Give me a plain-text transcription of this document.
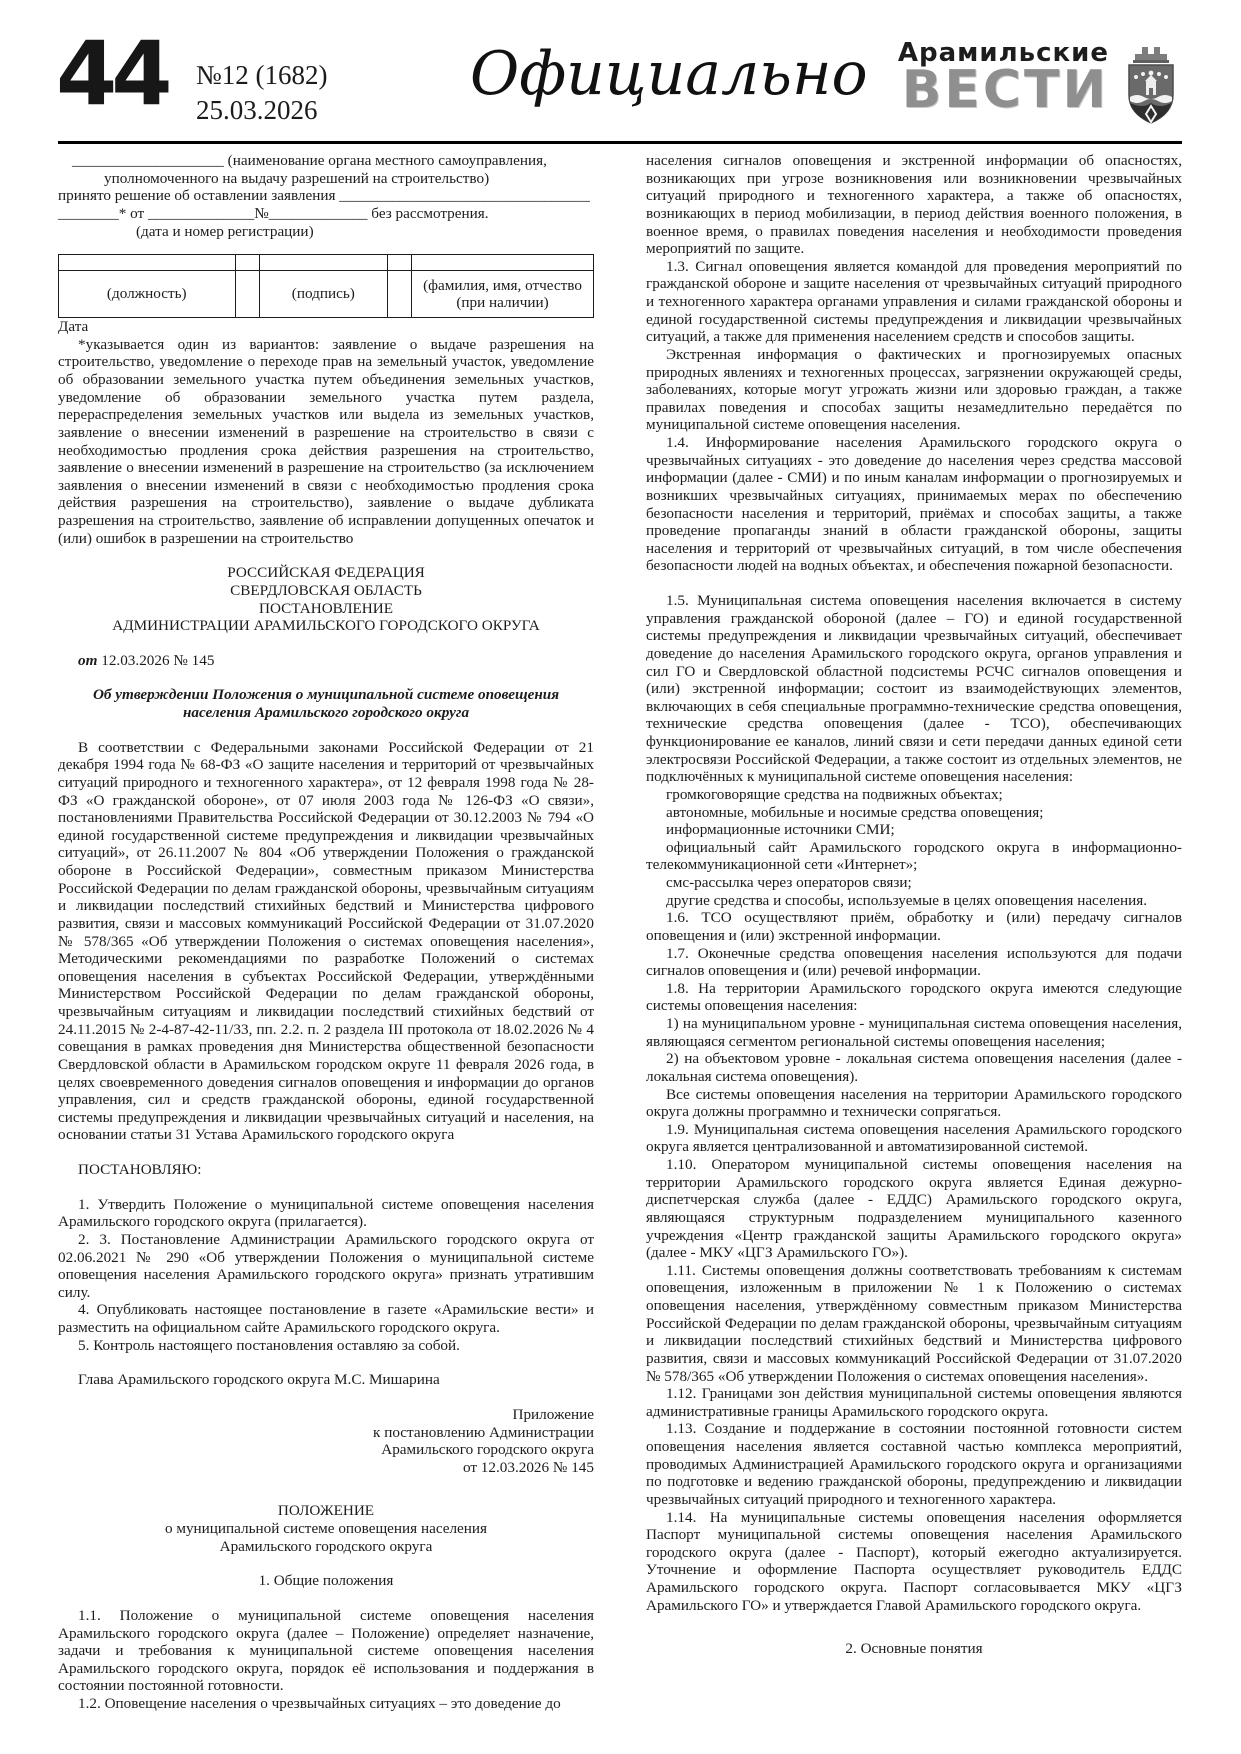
44 №12 (1682)
25.03.2026
Официально Арамильские
ВЕСТИ

____________________ (наименование органа местного самоуправления,

уполномоченного на выдачу разрешений на строительство)

принято решение об оставлении заявления _________________________________

________* от ______________№_____________ без рассмотрения.

(дата и номер регистрации)

(должность)		(подпись)		(фамилия, имя, отчество (при наличии)

Дата

*указывается один из вариантов: заявление о выдаче разрешения на строительство, уведомление о переходе прав на земельный участок, уведомление об образовании земельного участка путем объединения земельных участков, уведомление об образовании земельного участка путем раздела, перераспределения земельных участков или выдела из земельных участков, заявление о внесении изменений в разрешение на строительство в связи с необходимостью продления срока действия разрешения на строительство, заявление о внесении изменений в разрешение на строительство (за исключением заявления о внесении изменений в связи с необходимостью продления срока действия разрешения на строительство), заявление о выдаче дубликата разрешения на строительство, заявление об исправлении допущенных опечаток и (или) ошибок в разрешении на строительство

РОССИЙСКАЯ ФЕДЕРАЦИЯ

СВЕРДЛОВСКАЯ ОБЛАСТЬ

ПОСТАНОВЛЕНИЕ

АДМИНИСТРАЦИИ АРАМИЛЬСКОГО ГОРОДСКОГО ОКРУГА

от 12.03.2026 № 145

Об утверждении Положения о муниципальной системе оповещения

населения Арамильского городского округа

В соответствии с Федеральными законами Российской Федерации от 21 декабря 1994 года № 68-ФЗ «О защите населения и территорий от чрезвычайных ситуаций природного и техногенного характера», от 12 февраля 1998 года № 28-ФЗ «О гражданской обороне», от 07 июля 2003 года № 126-ФЗ «О связи», постановлениями Правительства Российской Федерации от 30.12.2003 № 794 «О единой государственной системе предупреждения и ликвидации чрезвычайных ситуаций», от 26.11.2007 № 804 «Об утверждении Положения о гражданской обороне в Российской Федерации», совместным приказом Министерства Российской Федерации по делам гражданской обороны, чрезвычайным ситуациям и ликвидации последствий стихийных бедствий и Министерства цифрового развития, связи и массовых коммуникаций Российской Федерации от 31.07.2020 № 578/365 «Об утверждении Положения о системах оповещения населения», Методическими рекомендациями по разработке Положений о системах оповещения населения в субъектах Российской Федерации, утверждёнными Министерством Российской Федерации по делам гражданской обороны, чрезвычайным ситуациям и ликвидации последствий стихийных бедствий от 24.11.2015 № 2-4-87-42-11/33, пп. 2.2. п. 2 раздела III протокола от 18.02.2026 № 4 совещания в рамках проведения дня Министерства общественной безопасности Свердловской области в Арамильском городском округе 11 февраля 2026 года, в целях своевременного доведения сигналов оповещения и информации до органов управления, сил и средств гражданской обороны, единой государственной системы предупреждения и ликвидации чрезвычайных ситуаций и населения, на основании статьи 31 Устава Арамильского городского округа

ПОСТАНОВЛЯЮ:

1. Утвердить Положение о муниципальной системе оповещения населения Арамильского городского округа (прилагается).

2. 3. Постановление Администрации Арамильского городского округа от 02.06.2021 № 290 «Об утверждении Положения о муниципальной системе оповещения населения Арамильского городского округа» признать утратившим силу.

4. Опубликовать настоящее постановление в газете «Арамильские вести» и разместить на официальном сайте Арамильского городского округа.

5. Контроль настоящего постановления оставляю за собой.

Глава Арамильского городского округа М.С. Мишарина

Приложение

к постановлению Администрации

Арамильского городского округа

от 12.03.2026 № 145

ПОЛОЖЕНИЕ

о муниципальной системе оповещения населения

Арамильского городского округа

1. Общие положения

1.1. Положение о муниципальной системе оповещения населения Арамильского городского округа (далее – Положение) определяет назначение, задачи и требования к муниципальной системе оповещения населения Арамильского городского округа, порядок её использования и поддержания в состоянии постоянной готовности.

1.2. Оповещение населения о чрезвычайных ситуациях – это доведение до

населения сигналов оповещения и экстренной информации об опасностях, возникающих при угрозе возникновения или возникновении чрезвычайных ситуаций природного и техногенного характера, а также об опасностях, возникающих в период мобилизации, в период действия военного положения, в военное время, о правилах поведения населения и необходимости проведения мероприятий по защите.

1.3. Сигнал оповещения является командой для проведения мероприятий по гражданской обороне и защите населения от чрезвычайных ситуаций природного и техногенного характера органами управления и силами гражданской обороны и единой государственной системы предупреждения и ликвидации чрезвычайных ситуаций, а также для применения населением средств и способов защиты.

Экстренная информация о фактических и прогнозируемых опасных природных явлениях и техногенных процессах, загрязнении окружающей среды, заболеваниях, которые могут угрожать жизни или здоровью граждан, а также правилах поведения и способах защиты незамедлительно передаётся по муниципальной системе оповещения населения.

1.4. Информирование населения Арамильского городского округа о чрезвычайных ситуациях - это доведение до населения через средства массовой информации (далее - СМИ) и по иным каналам информации о прогнозируемых и возникших чрезвычайных ситуациях, принимаемых мерах по обеспечению безопасности населения и территорий, приёмах и способах защиты, а также проведение пропаганды знаний в области гражданской обороны, защиты населения и территорий от чрезвычайных ситуаций, в том числе обеспечения безопасности людей на водных объектах, и обеспечения пожарной безопасности.

1.5. Муниципальная система оповещения населения включается в систему управления гражданской обороной (далее – ГО) и единой государственной системы предупреждения и ликвидации чрезвычайных ситуаций, обеспечивает доведение до населения Арамильского городского округа, органов управления и сил ГО и Свердловской областной подсистемы РСЧС сигналов оповещения и (или) экстренной информации; состоит из взаимодействующих элементов, включающих в себя специальные программно-технические средства оповещения, технические средства оповещения (далее - ТСО), обеспечивающих функционирование ее каналов, линий связи и сети передачи данных единой сети электросвязи Российской Федерации, а также состоит из отдельных элементов, не подключённых к муниципальной системе оповещения населения:

громкоговорящие средства на подвижных объектах;

автономные, мобильные и носимые средства оповещения;

информационные источники СМИ;

официальный сайт Арамильского городского округа в информационно-телекоммуникационной сети «Интернет»;

смс-рассылка через операторов связи;

другие средства и способы, используемые в целях оповещения населения.

1.6. ТСО осуществляют приём, обработку и (или) передачу сигналов оповещения и (или) экстренной информации.

1.7. Оконечные средства оповещения населения используются для подачи сигналов оповещения и (или) речевой информации.

1.8. На территории Арамильского городского округа имеются следующие системы оповещения населения:

1) на муниципальном уровне - муниципальная система оповещения населения, являющаяся сегментом региональной системы оповещения населения;

2) на объектовом уровне - локальная система оповещения населения (далее - локальная система оповещения).

Все системы оповещения населения на территории Арамильского городского округа должны программно и технически сопрягаться.

1.9. Муниципальная система оповещения населения Арамильского городского округа является централизованной и автоматизированной системой.

1.10. Оператором муниципальной системы оповещения населения на территории Арамильского городского округа является Единая дежурно-диспетчерская служба (далее - ЕДДС) Арамильского городского округа, являющаяся структурным подразделением муниципального казенного учреждения «Центр гражданской защиты Арамильского городского округа» (далее - МКУ «ЦГЗ Арамильского ГО»).

1.11. Системы оповещения должны соответствовать требованиям к системам оповещения, изложенным в приложении № 1 к Положению о системах оповещения населения, утверждённому совместным приказом Министерства Российской Федерации по делам гражданской обороны, чрезвычайным ситуациям и ликвидации последствий стихийных бедствий и Министерства цифрового развития, связи и массовых коммуникаций Российской Федерации от 31.07.2020 № 578/365 «Об утверждении Положения о системах оповещения населения».

1.12. Границами зон действия муниципальной системы оповещения являются административные границы Арамильского городского округа.

1.13. Создание и поддержание в состоянии постоянной готовности систем оповещения населения является составной частью комплекса мероприятий, проводимых Администрацией Арамильского городского округа и организациями по подготовке и ведению гражданской обороны, предупреждению и ликвидации чрезвычайных ситуаций природного и техногенного характера.

1.14. На муниципальные системы оповещения населения оформляется Паспорт муниципальной системы оповещения населения Арамильского городского округа (далее - Паспорт), который ежегодно актуализируется. Уточнение и оформление Паспорта осуществляет руководитель ЕДДС Арамильского городского округа. Паспорт согласовывается МКУ «ЦГЗ Арамильского ГО» и утверждается Главой Арамильского городского округа.

2. Основные понятия
